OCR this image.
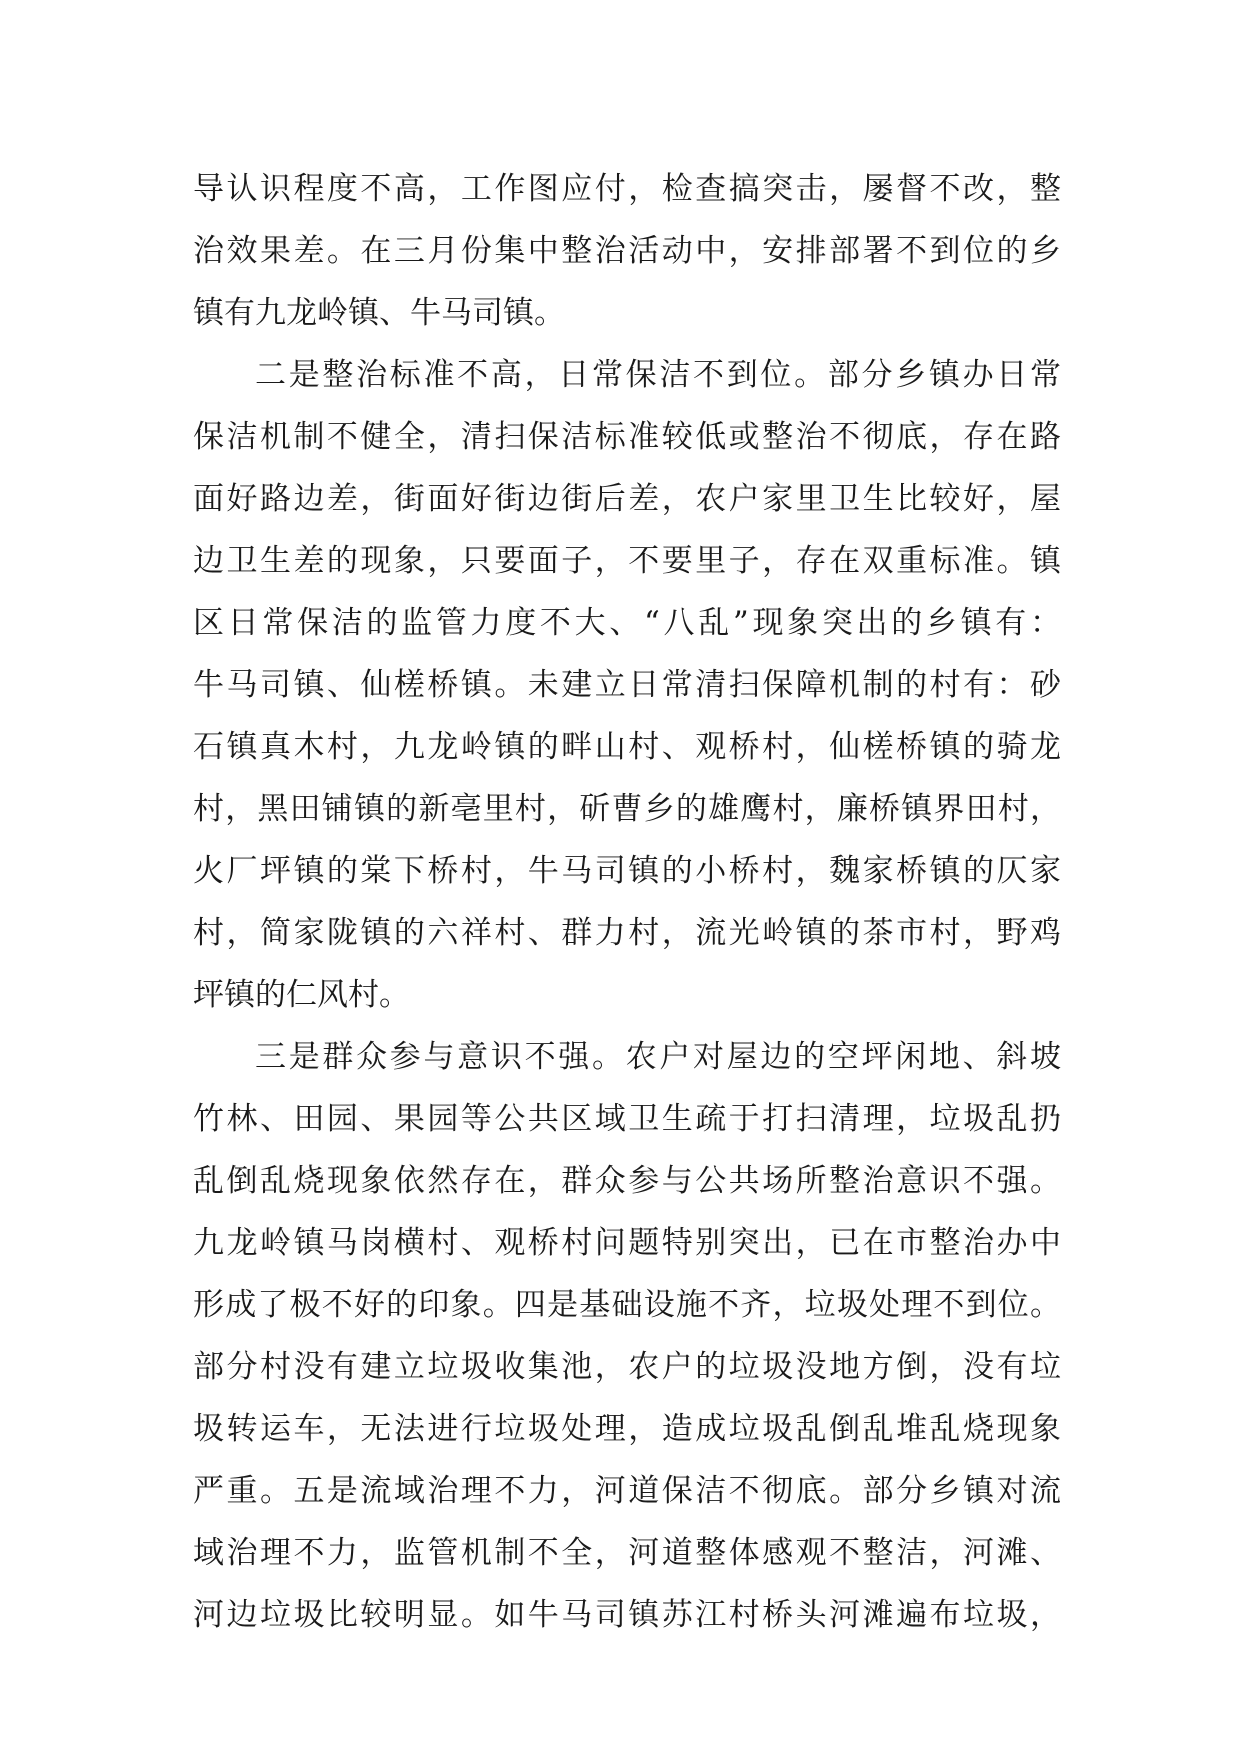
导认识程度不高，工作图应付，检查搞突击，屡督不改，整
治效果差。在三月份集中整治活动中，安排部署不到位的乡
镇有九龙岭镇、牛马司镇。
二是整治标准不高，日常保洁不到位。部分乡镇办日常
保洁机制不健全，清扫保洁标准较低或整治不彻底，存在路
面好路边差，街面好街边街后差，农户家里卫生比较好，屋
边卫生差的现象，只要面子，不要里子，存在双重标准。镇
区日常保洁的监管力度不大、“八乱”现象突出的乡镇有：
牛马司镇、仙槎桥镇。未建立日常清扫保障机制的村有：砂
石镇真木村，九龙岭镇的畔山村、观桥村，仙槎桥镇的骑龙
村，黑田铺镇的新亳里村，斫曹乡的雄鹰村，廉桥镇界田村，
火厂坪镇的棠下桥村，牛马司镇的小桥村，魏家桥镇的仄家
村，简家陇镇的六祥村、群力村，流光岭镇的茶市村，野鸡
坪镇的仁风村。
三是群众参与意识不强。农户对屋边的空坪闲地、斜坡
竹林、田园、果园等公共区域卫生疏于打扫清理，垃圾乱扔
乱倒乱烧现象依然存在，群众参与公共场所整治意识不强。
九龙岭镇马岗横村、观桥村问题特别突出，已在市整治办中
形成了极不好的印象。四是基础设施不齐，垃圾处理不到位。
部分村没有建立垃圾收集池，农户的垃圾没地方倒，没有垃
圾转运车，无法进行垃圾处理，造成垃圾乱倒乱堆乱烧现象
严重。五是流域治理不力，河道保洁不彻底。部分乡镇对流
域治理不力，监管机制不全，河道整体感观不整洁，河滩、
河边垃圾比较明显。如牛马司镇苏江村桥头河滩遍布垃圾，
